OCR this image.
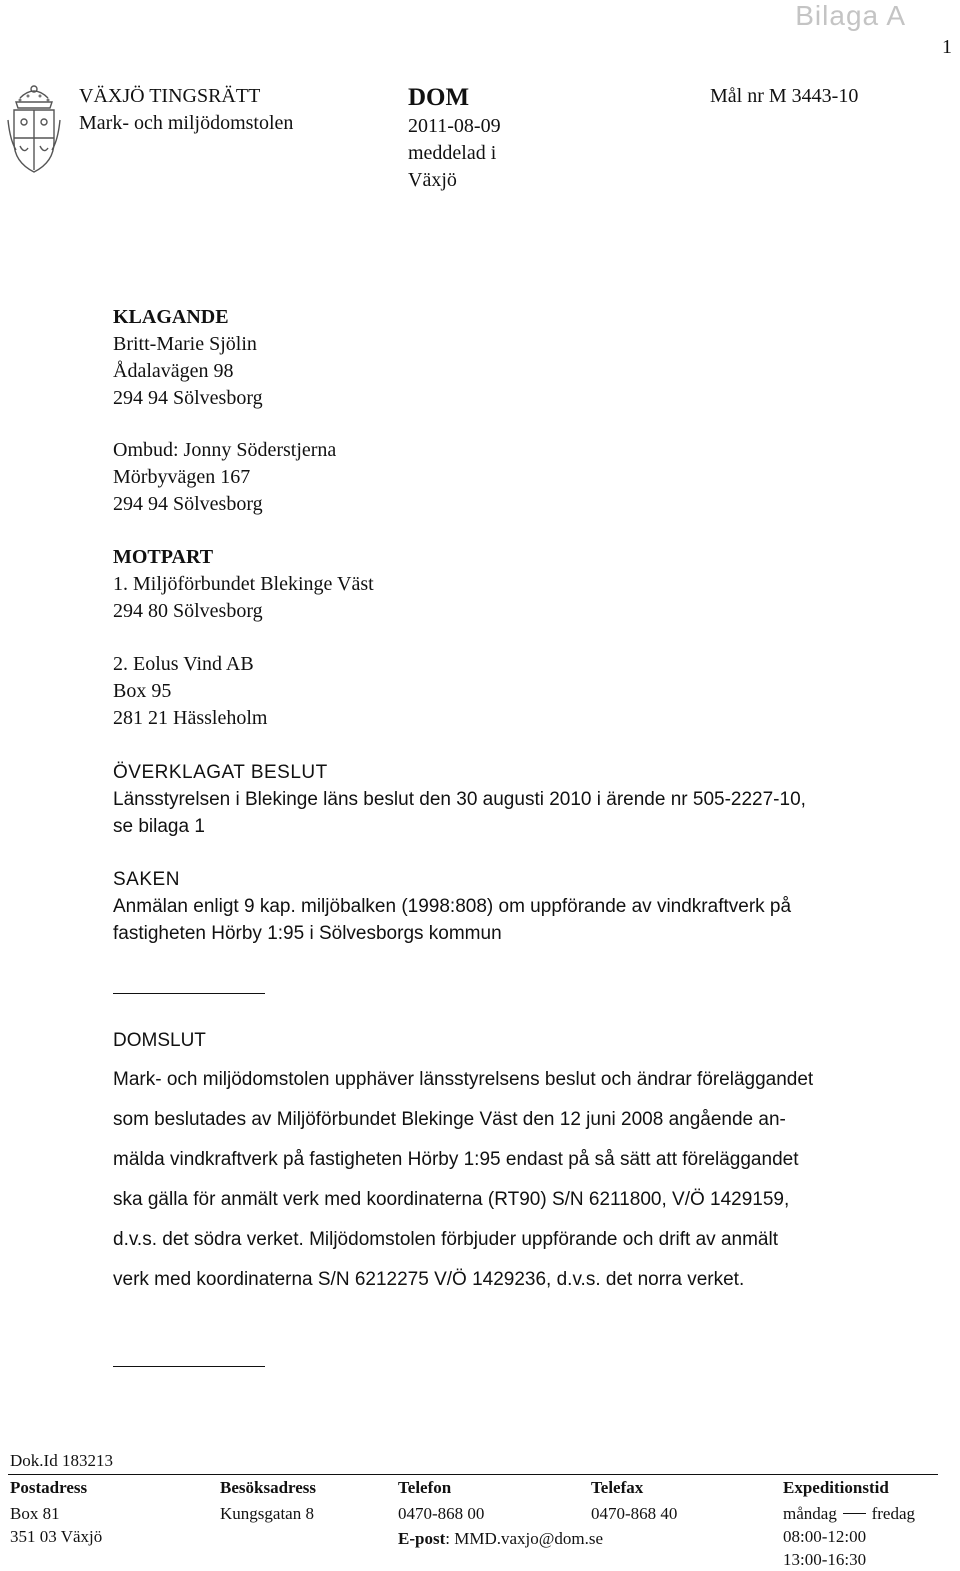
Bilaga A
1
VÄXJÖ TINGSRÄTT
Mark- och miljödomstolen
DOM
2011-08-09
meddelad i
Växjö
Mål nr M 3443-10
KLAGANDE
Britt-Marie Sjölin
Ådalavägen 98
294 94 Sölvesborg
Ombud: Jonny Söderstjerna
Mörbyvägen 167
294 94 Sölvesborg
MOTPART
1. Miljöförbundet Blekinge Väst
294 80 Sölvesborg
2. Eolus Vind AB
Box 95
281 21 Hässleholm
ÖVERKLAGAT BESLUT
Länsstyrelsen i Blekinge läns beslut den 30 augusti 2010 i ärende nr 505-2227-10,
se bilaga 1
SAKEN
Anmälan enligt 9 kap. miljöbalken (1998:808) om uppförande av vindkraftverk på
fastigheten Hörby 1:95 i Sölvesborgs kommun
DOMSLUT
Mark- och miljödomstolen upphäver länsstyrelsens beslut och ändrar föreläggandet
som beslutades av Miljöförbundet Blekinge Väst den 12 juni 2008 angående an-
mälda vindkraftverk på fastigheten Hörby 1:95 endast på så sätt att föreläggandet
ska gälla för anmält verk med koordinaterna (RT90) S/N 6211800, V/Ö 1429159,
d.v.s. det södra verket. Miljödomstolen förbjuder uppförande och drift av anmält
verk med koordinaterna S/N 6212275 V/Ö 1429236, d.v.s. det norra verket.
Dok.Id 183213
Postadress
Box 81
351 03 Växjö
Besöksadress
Kungsgatan 8
Telefon
0470-868 00
E-post: MMD.vaxjo@dom.se
Telefax
0470-868 40
Expeditionstid
måndag fredag
08:00-12:00
13:00-16:30
